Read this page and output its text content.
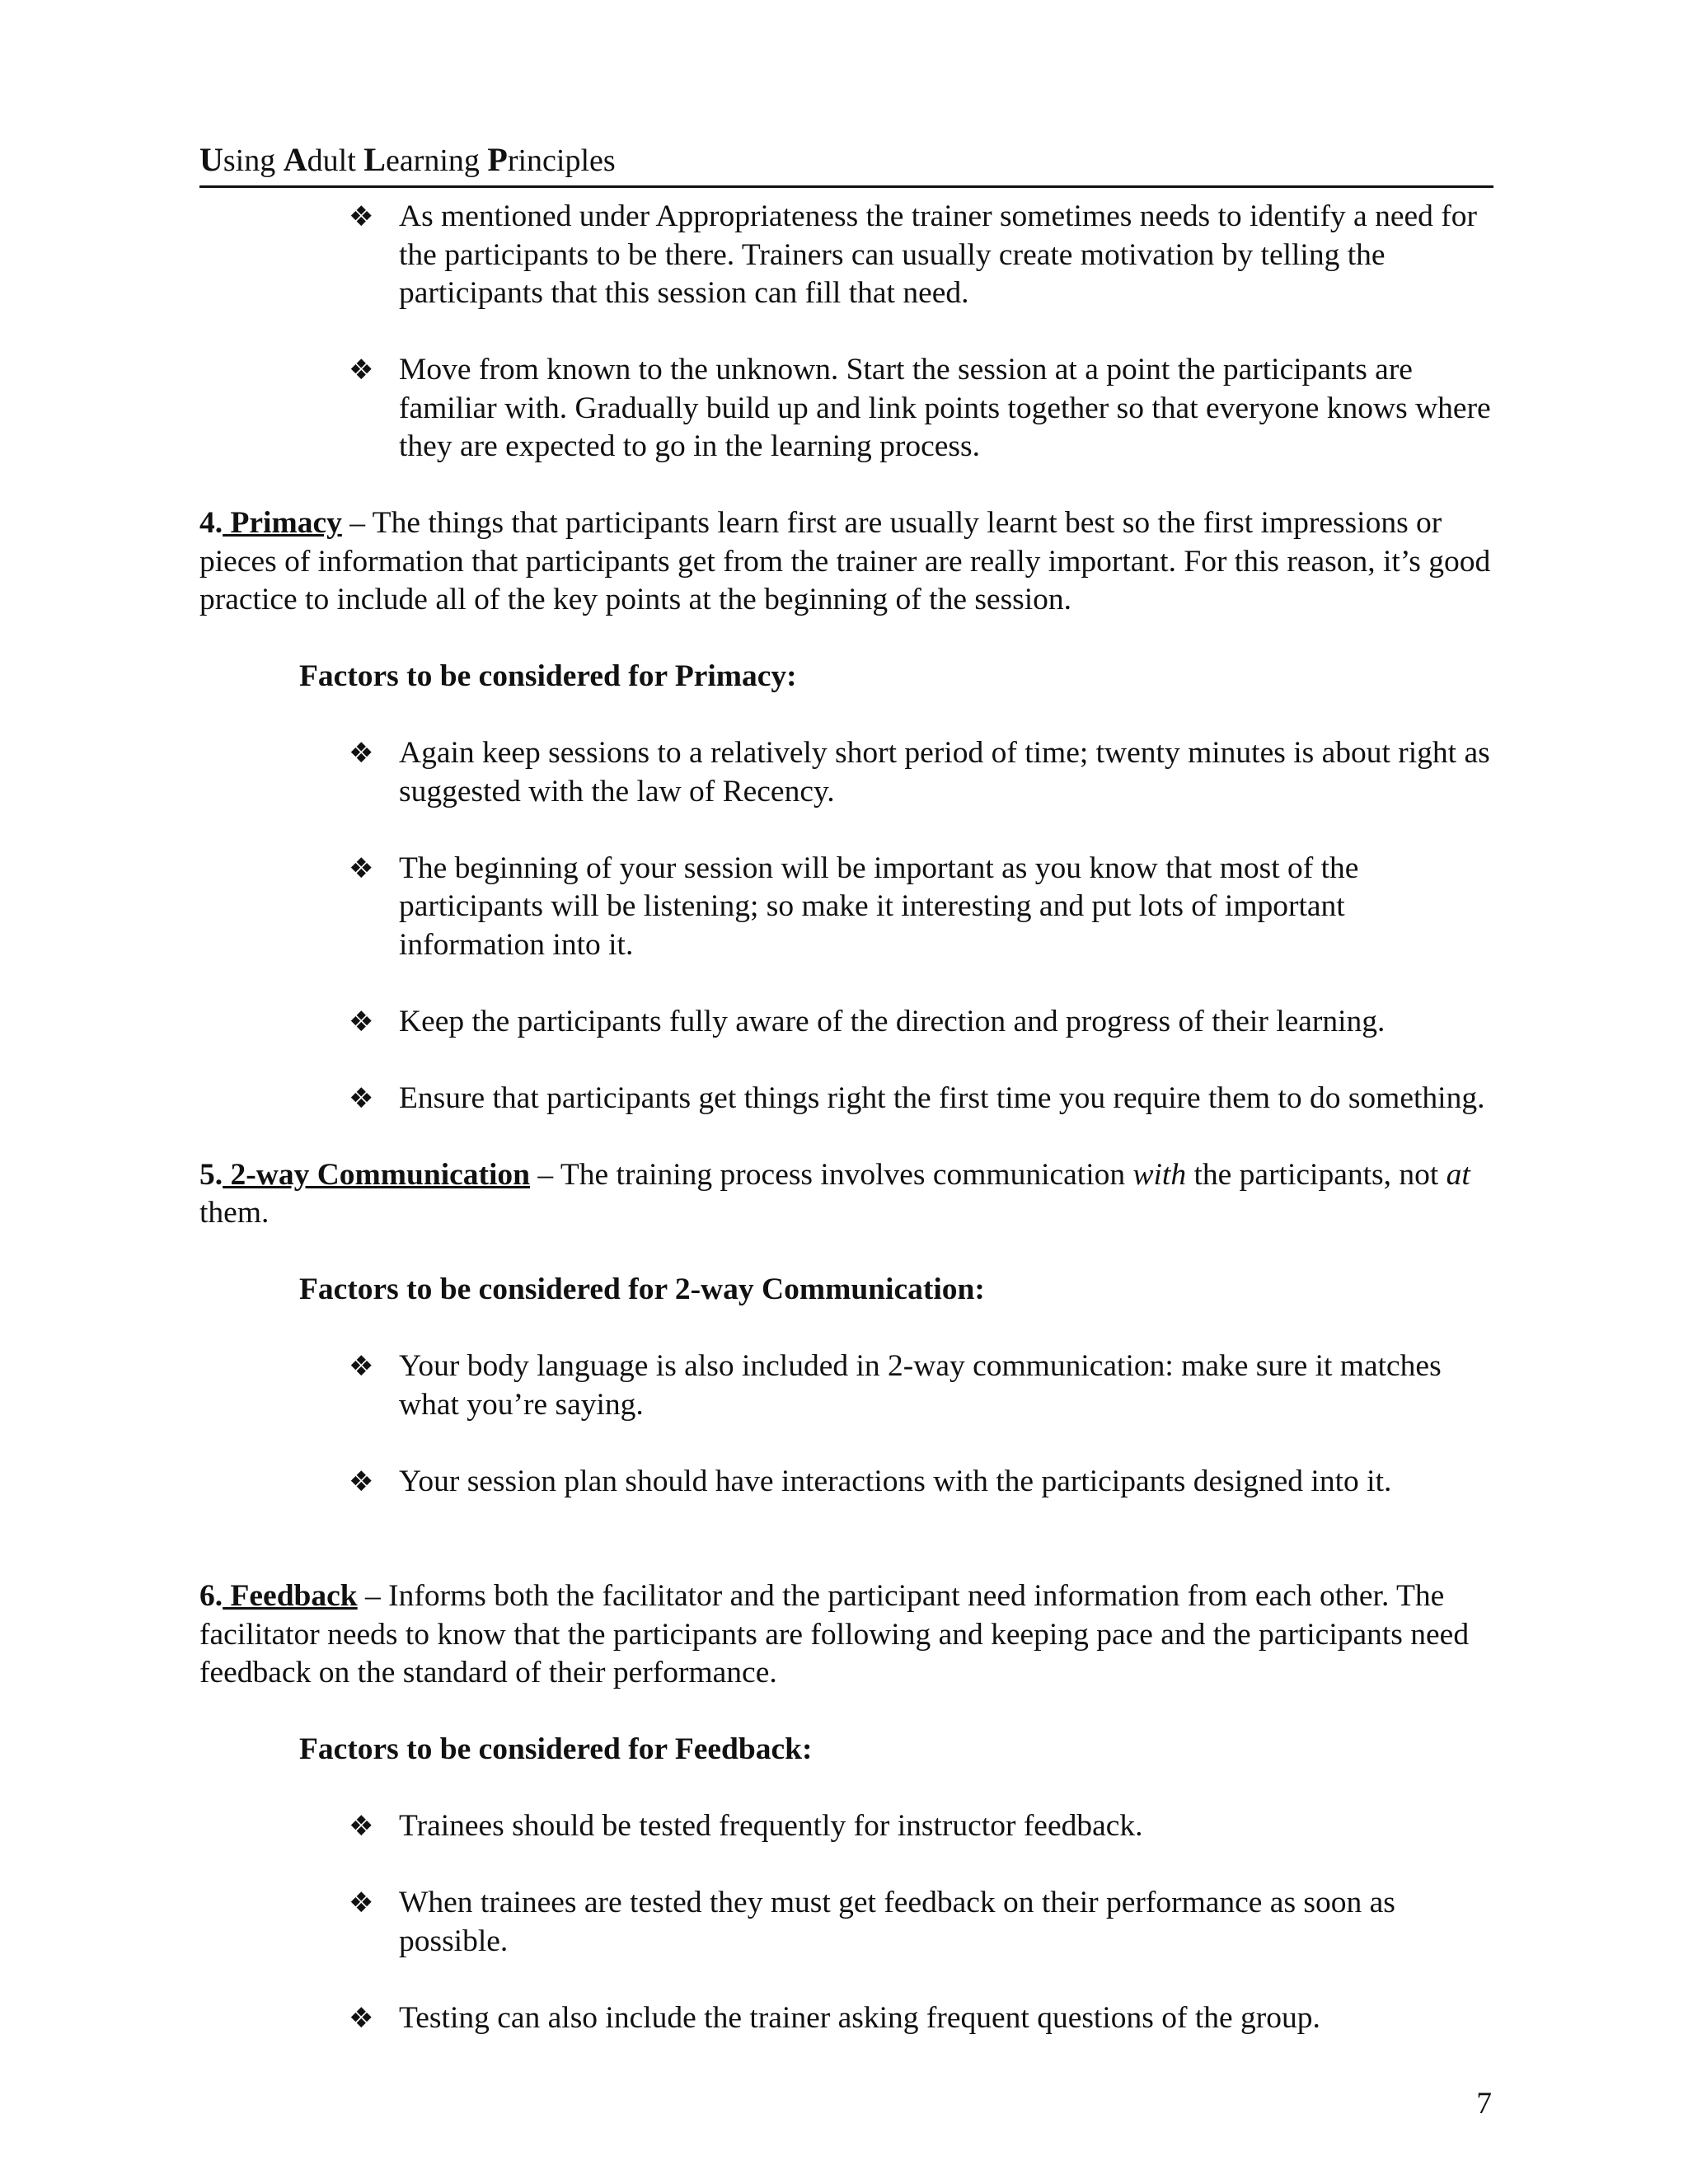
Using Adult Learning Principles
❖ As mentioned under Appropriateness the trainer sometimes needs to identify a need for the participants to be there. Trainers can usually create motivation by telling the participants that this session can fill that need.
❖ Move from known to the unknown. Start the session at a point the participants are familiar with. Gradually build up and link points together so that everyone knows where they are expected to go in the learning process.

4. Primacy – The things that participants learn first are usually learnt best so the first impressions or pieces of information that participants get from the trainer are really important. For this reason, it’s good practice to include all of the key points at the beginning of the session.

Factors to be considered for Primacy:
❖ Again keep sessions to a relatively short period of time; twenty minutes is about right as suggested with the law of Recency.
❖ The beginning of your session will be important as you know that most of the participants will be listening; so make it interesting and put lots of important information into it.
❖ Keep the participants fully aware of the direction and progress of their learning.
❖ Ensure that participants get things right the first time you require them to do something.

5. 2-way Communication – The training process involves communication with the participants, not at them.

Factors to be considered for 2-way Communication:
❖ Your body language is also included in 2-way communication: make sure it matches what you’re saying.
❖ Your session plan should have interactions with the participants designed into it.

6. Feedback – Informs both the facilitator and the participant need information from each other. The facilitator needs to know that the participants are following and keeping pace and the participants need feedback on the standard of their performance.

Factors to be considered for Feedback:
❖ Trainees should be tested frequently for instructor feedback.
❖ When trainees are tested they must get feedback on their performance as soon as possible.
❖ Testing can also include the trainer asking frequent questions of the group.
7
